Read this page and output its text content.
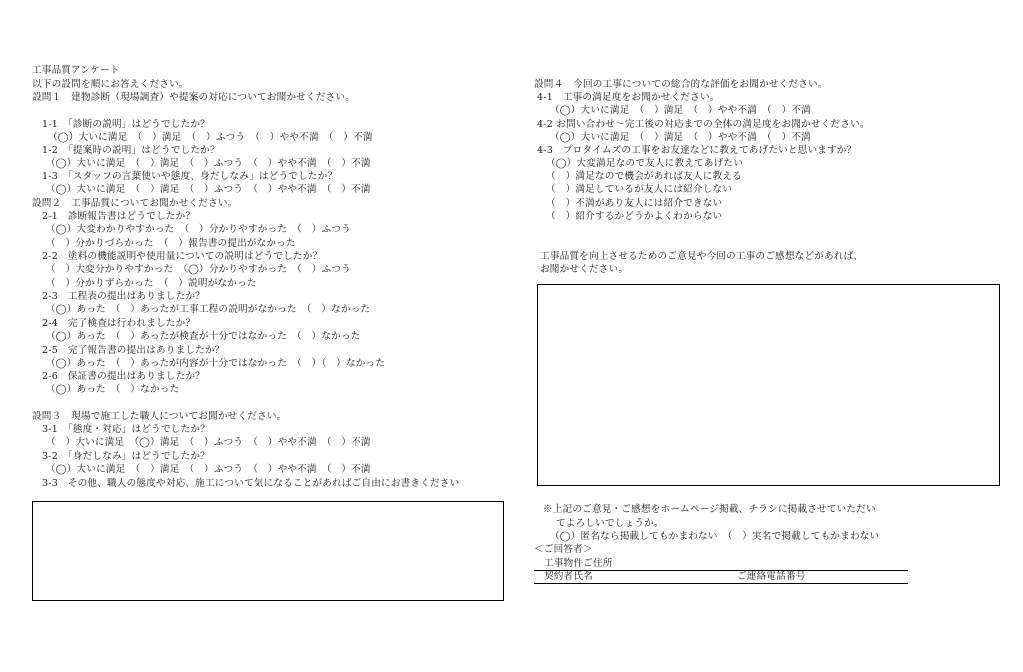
工事品質アンケート
以下の設問を順にお答えください。
設問１　建物診断（現場調査）や提案の対応についてお聞かせください。
1-1　「診断の説明」はどうでしたか？
（◯）大いに満足　（　）満足　（　）ふつう　（　）やや不満　（　）不満
1-2　「提案時の説明」はどうでしたか？
（◯）大いに満足　（　）満足　（　）ふつう　（　）やや不満　（　）不満
1-3　「スタッフの言葉使いや態度、身だしなみ」はどうでしたか？
（◯）大いに満足　（　）満足　（　）ふつう　（　）やや不満　（　）不満
設問２　工事品質についてお聞かせください。
2-1　診断報告書はどうでしたか？
（◯）大変わかりやすかった　（　）分かりやすかった　（　）ふつう
（　）分かりづらかった　（　）報告書の提出がなかった
2-2　塗料の機能説明や使用量についての説明はどうでしたか？
（　）大変分かりやすかった　（◯）分かりやすかった　（　）ふつう
（　）分かりずらかった　（　）説明がなかった
2-3　工程表の提出はありましたか？
（◯）あった　（　）あったが工事工程の説明がなかった　（　）なかった
2-4　完了検査は行われましたか？
（◯）あった　（　）あったが検査が十分ではなかった　（　）なかった
2-5　完了報告書の提出はありましたか？
（◯）あった　（　）あったが内容が十分ではなかった　（　）（　）なかった
2-6　保証書の提出はありましたか？
（◯）あった　（　）なかった
設問３　現場で施工した職人についてお聞かせください。
3-1　「態度・対応」はどうでしたか？
（　）大いに満足　（◯）満足　（　）ふつう　（　）やや不満　（　）不満
3-2　「身だしなみ」はどうでしたか？
（◯）大いに満足　（　）満足　（　）ふつう　（　）やや不満　（　）不満
3-3　その他、職人の態度や対応、施工について気になることがあればご自由にお書きください
設問４　今回の工事についての総合的な評価をお聞かせください。
4-1　工事の満足度をお聞かせください。
（◯）大いに満足　（　）満足　（　）やや不満　（　）不満
4-2 お問い合わせ～完工後の対応までの全体の満足度をお聞かせください。
（◯）大いに満足　（　）満足　（　）やや不満　（　）不満
4-3　プロタイムズの工事をお友達などに教えてあげたいと思いますか？
（◯）大変満足なので友人に教えてあげたい
（　）満足なので機会があれば友人に教える
（　）満足しているが友人には紹介しない
（　）不満があり友人には紹介できない
（　）紹介するかどうかよくわからない
工事品質を向上させるためのご意見や今回の工事のご感想などがあれば、
お聞かせください。
※上記のご意見・ご感想をホームページ掲載、チラシに掲載させていただい
てよろしいでしょうか。
（◯）匿名なら掲載してもかまわない　（　）実名で掲載してもかまわない
＜ご回答者＞
工事物件ご住所
契約者氏名	ご連絡電話番号
